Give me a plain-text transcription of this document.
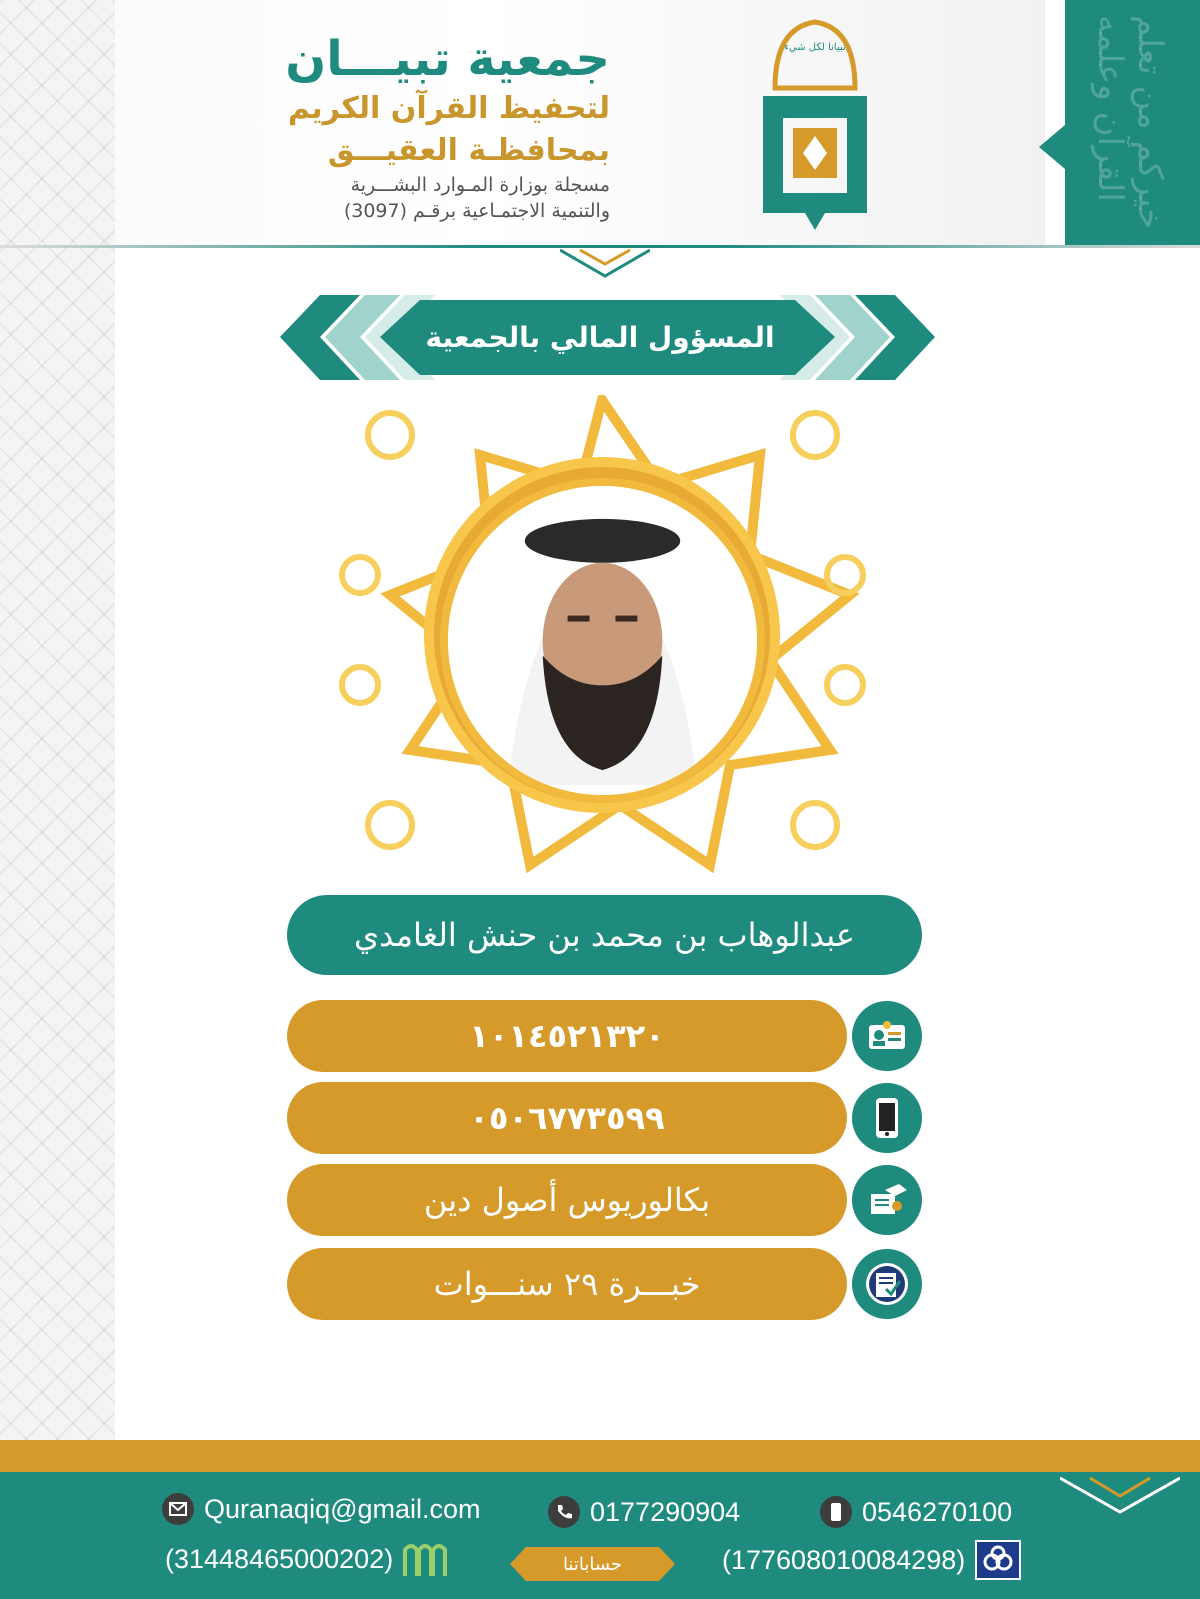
خيركم من تعلم القرآن وعلمه
تبيانا لكل شيء
جمعية تبيـــان
لتحفيظ القرآن الكريم
بمحافظـة العقيـــق
مسجلة بوزارة المـوارد البشـــرية
والتنمية الاجتمـاعية برقـم (3097)
المسؤول المالي بالجمعية
عبدالوهاب بن محمد بن حنش الغامدي
١٠١٤٥٢١٣٢٠
٠٥٠٦٧٧٣٥٩٩
بكالوريوس أصول دين
خبـــرة ٢٩ سنـــوات
Quranaqiq@gmail.com	0177290904	0546270100
(31448465000202)	حساباتنا	(177608010084298)
